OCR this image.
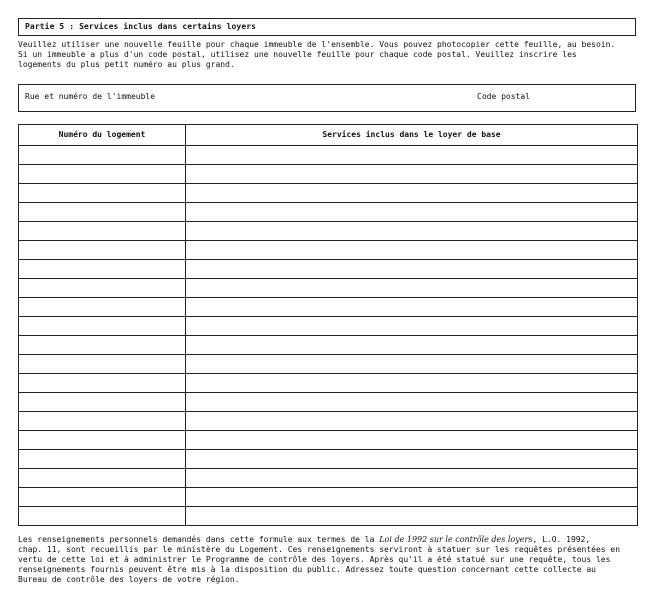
Partie 5 : Services inclus dans certains loyers

Veuillez utiliser une nouvelle feuille pour chaque immeuble de l'ensemble. Vous pouvez photocopier cette feuille, au besoin.
Si un immeuble a plus d'un code postal, utilisez une nouvelle feuille pour chaque code postal. Veuillez inscrire les
logements du plus petit numéro au plus grand.

Rue et numéro de l'immeuble	Code postal
Numéro du logement	Services inclus dans le loyer de base

Les renseignements personnels demandés dans cette formule aux termes de la Loi de 1992 sur le contrôle des loyers, L.O. 1992,
chap. 11, sont recueillis par le ministère du Logement. Ces renseignements serviront à statuer sur les requêtes présentées en
vertu de cette loi et à administrer le Programme de contrôle des loyers. Après qu'il a été statué sur une requête, tous les
renseignements fournis peuvent être mis à la disposition du public. Adressez toute question concernant cette collecte au
Bureau de contrôle des loyers de votre région.
